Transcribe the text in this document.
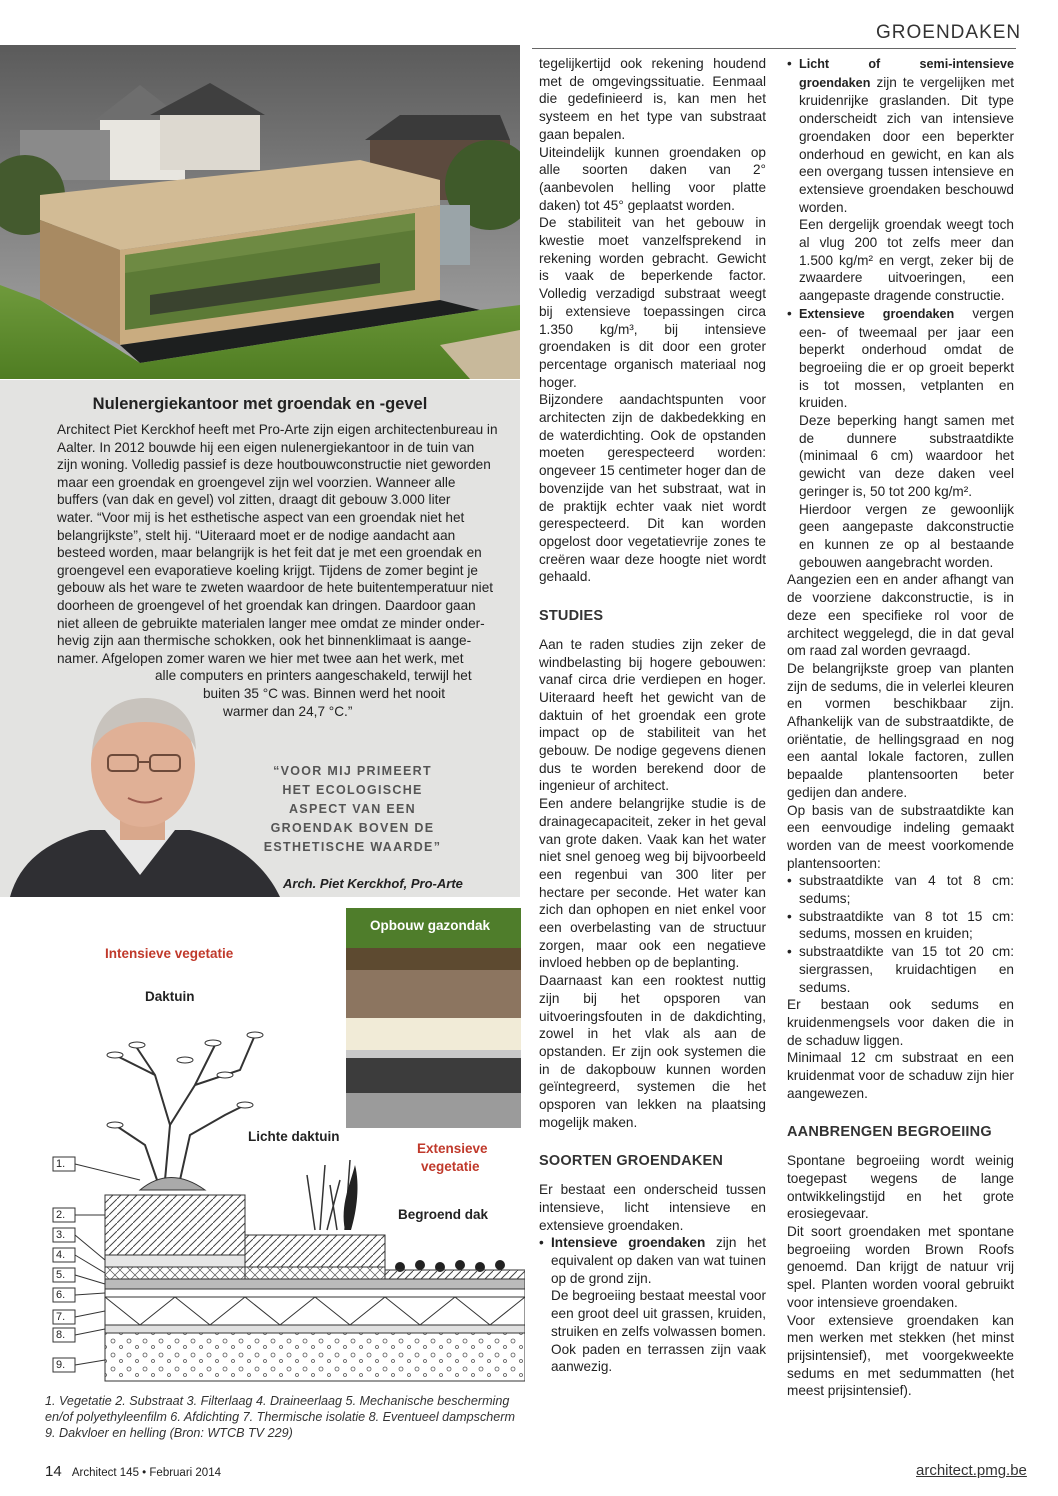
GROENDAKEN
Nulenergiekantoor met groendak en -gevel
Architect Piet Kerckhof heeft met Pro-Arte zijn eigen architectenbureau in
Aalter. In 2012 bouwde hij een eigen nulenergiekantoor in de tuin van
zijn woning. Volledig passief is deze houtbouwconstructie niet geworden
maar een groendak en groengevel zijn wel voorzien. Wanneer alle
buffers (van dak en gevel) vol zitten, draagt dit gebouw 3.000 liter
water. “Voor mij is het esthetische aspect van een groendak niet het
belangrijkste”, stelt hij. “Uiteraard moet er de nodige aandacht aan
besteed worden, maar belangrijk is het feit dat je met een groendak en
groengevel een evaporatieve koeling krijgt. Tijdens de zomer begint je
gebouw als het ware te zweten waardoor de hete buitentemperatuur niet
doorheen de groengevel of het groendak kan dringen. Daardoor gaan
niet alleen de gebruikte materialen langer mee omdat ze minder onder-
hevig zijn aan thermische schokken, ook het binnenklimaat is aange-
namer. Afgelopen zomer waren we hier met twee aan het werk, met
alle computers en printers aangeschakeld, terwijl het
buiten 35 °C was. Binnen werd het nooit
warmer dan 24,7 °C.”
“VOOR MIJ PRIMEERT HET ECOLOGISCHE ASPECT VAN EEN GROENDAK BOVEN DE ESTHETISCHE WAARDE”
Arch. Piet Kerckhof, Pro-Arte
Intensieve vegetatie
Daktuin
Lichte daktuin
Extensieve
vegetatie
Begroend dak
Opbouw gazondak
1.
2.
3.
4.
5.
6.
7.
8.
9.
1. Vegetatie 2. Substraat 3. Filterlaag 4. Draineerlaag 5. Mechanische bescherming en/of polyethyleenfilm 6. Afdichting 7. Thermische isolatie 8. Eventueel dampscherm 9. Dakvloer en helling (Bron: WTCB TV 229)

tegelijkertijd ook rekening houdend met de omgevingssituatie. Eenmaal die gedefinieerd is, kan men het systeem en het type van substraat gaan bepalen.

Uiteindelijk kunnen groendaken op alle soorten daken van 2° (aanbevolen helling voor platte daken) tot 45° geplaatst worden.

De stabiliteit van het gebouw in kwestie moet vanzelfsprekend in rekening worden gebracht. Gewicht is vaak de beperkende factor. Volledig verzadigd substraat weegt bij extensieve toepassingen circa 1.350 kg/m³, bij intensieve groendaken is dit door een groter percentage organisch materiaal nog hoger.

Bijzondere aandachtspunten voor architecten zijn de dakbedekking en de waterdichting. Ook de opstanden moeten gerespecteerd worden: ongeveer 15 centimeter hoger dan de bovenzijde van het substraat, wat in de praktijk echter vaak niet wordt gerespecteerd. Dit kan worden opgelost door vegetatievrije zones te creëren waar deze hoogte niet wordt gehaald.

STUDIES

Aan te raden studies zijn zeker de windbelasting bij hogere gebouwen: vanaf circa drie verdiepen en hoger. Uiteraard heeft het gewicht van de daktuin of het groendak een grote impact op de stabiliteit van het gebouw. De nodige gegevens dienen dus te worden berekend door de ingenieur of architect.

Een andere belangrijke studie is de drainagecapaciteit, zeker in het geval van grote daken. Vaak kan het water niet snel genoeg weg bij bijvoorbeeld een regenbui van 300 liter per hectare per seconde. Het water kan zich dan ophopen en niet enkel voor een overbelasting van de structuur zorgen, maar ook een negatieve invloed hebben op de beplanting.

Daarnaast kan een rooktest nuttig zijn bij het opsporen van uitvoeringsfouten in de dakdichting, zowel in het vlak als aan de opstanden. Er zijn ook systemen die in de dakopbouw kunnen worden geïntegreerd, systemen die het opsporen van lekken na plaatsing mogelijk maken.

SOORTEN GROENDAKEN

Er bestaat een onderscheid tussen intensieve, licht intensieve en extensieve groendaken.

• Intensieve groendaken zijn het equivalent op daken van wat tuinen op de grond zijn.

De begroeiing bestaat meestal voor een groot deel uit grassen, kruiden, struiken en zelfs volwassen bomen. Ook paden en terrassen zijn vaak aanwezig.

• Licht of semi-intensieve groendaken zijn te vergelijken met kruidenrijke graslanden. Dit type onderscheidt zich van intensieve groendaken door een beperkter onderhoud en gewicht, en kan als een overgang tussen intensieve en extensieve groendaken beschouwd worden.

Een dergelijk groendak weegt toch al vlug 200 tot zelfs meer dan 1.500 kg/m² en vergt, zeker bij de zwaardere uitvoeringen, een aangepaste dragende constructie.

• Extensieve groendaken vergen een- of tweemaal per jaar een beperkt onderhoud omdat de begroeiing die er op groeit beperkt is tot mossen, vetplanten en kruiden.

Deze beperking hangt samen met de dunnere substraatdikte (minimaal 6 cm) waardoor het gewicht van deze daken veel geringer is, 50 tot 200 kg/m².

Hierdoor vergen ze gewoonlijk geen aangepaste dakconstructie en kunnen ze op al bestaande gebouwen aangebracht worden.

Aangezien een en ander afhangt van de voorziene dakconstructie, is in deze een specifieke rol voor de architect weggelegd, die in dat geval om raad zal worden gevraagd.

De belangrijkste groep van planten zijn de sedums, die in velerlei kleuren en vormen beschikbaar zijn. Afhankelijk van de substraatdikte, de oriëntatie, de hellingsgraad en nog een aantal lokale factoren, zullen bepaalde plantensoorten beter gedijen dan andere.

Op basis van de substraatdikte kan een eenvoudige indeling gemaakt worden van de meest voorkomende plantensoorten:

• substraatdikte van 4 tot 8 cm: sedums;
• substraatdikte van 8 tot 15 cm: sedums, mossen en kruiden;
• substraatdikte van 15 tot 20 cm: siergrassen, kruidachtigen en sedums.

Er bestaan ook sedums en kruidenmengsels voor daken die in de schaduw liggen.

Minimaal 12 cm substraat en een kruidenmat voor de schaduw zijn hier aangewezen.

AANBRENGEN BEGROEIING

Spontane begroeiing wordt weinig toegepast wegens de lange ontwikkelingstijd en het grote erosiegevaar.

Dit soort groendaken met spontane begroeiing worden Brown Roofs genoemd. Dan krijgt de natuur vrij spel. Planten worden vooral gebruikt voor intensieve groendaken.

Voor extensieve groendaken kan men werken met stekken (het minst prijsintensief), met voorgekweekte sedums en met sedummatten (het meest prijsintensief).

14 Architect 145 • Februari 2014	architect.pmg.be
